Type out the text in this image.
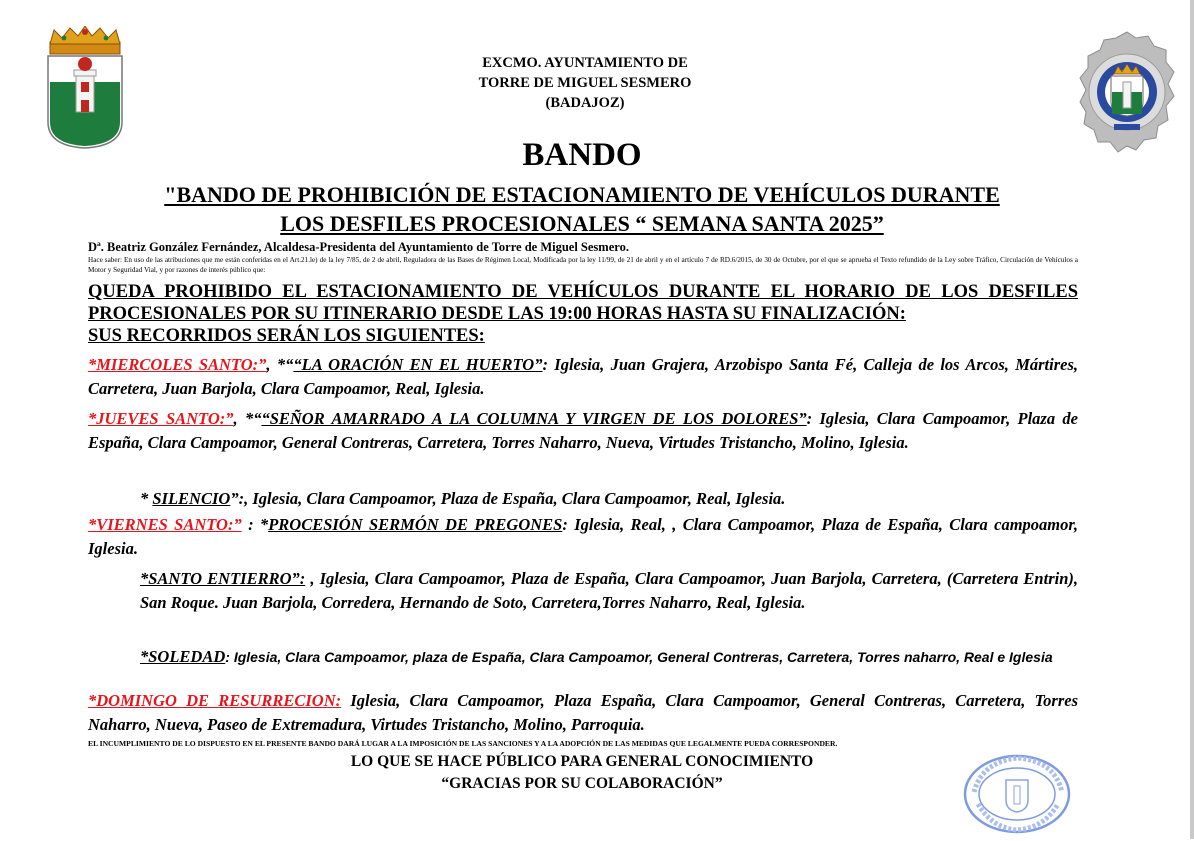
EXCMO. AYUNTAMIENTO DE
TORRE DE MIGUEL SESMERO
(BADAJOZ)
BANDO
"BANDO DE PROHIBICIÓN DE ESTACIONAMIENTO DE VEHÍCULOS DURANTE
LOS DESFILES PROCESIONALES “ SEMANA SANTA 2025”
Dª. Beatriz González Fernández, Alcaldesa-Presidenta del Ayuntamiento de Torre de Miguel Sesmero.
Hace saber: En uso de las atribuciones que me están conferidas en el Art.21.le) de la ley 7/85, de 2 de abril, Reguladora de las Bases de Régimen Local, Modificada por la ley 11/99, de 21 de abril y en el artículo 7 de RD.6/2015, de 30 de Octubre, por el que se aprueba el Texto refundido de la Ley sobre Tráfico, Circulación de Vehículos a Motor y Seguridad Vial, y por razones de interés público que:
QUEDA PROHIBIDO EL ESTACIONAMIENTO DE VEHÍCULOS DURANTE EL HORARIO DE LOS DESFILES PROCESIONALES POR SU ITINERARIO DESDE LAS 19:00 HORAS HASTA SU FINALIZACIÓN:
SUS RECORRIDOS SERÁN LOS SIGUIENTES:
*MIERCOLES SANTO:”, *““LA ORACIÓN EN EL HUERTO”: Iglesia, Juan Grajera, Arzobispo Santa Fé, Calleja de los Arcos, Mártires, Carretera, Juan Barjola, Clara Campoamor, Real, Iglesia.
*JUEVES SANTO:”, *““SEÑOR AMARRADO A LA COLUMNA Y VIRGEN DE LOS DOLORES”: Iglesia, Clara Campoamor, Plaza de España, Clara Campoamor, General Contreras, Carretera, Torres Naharro, Nueva, Virtudes Tristancho, Molino, Iglesia.
* SILENCIO”:, Iglesia, Clara Campoamor, Plaza de España, Clara Campoamor, Real, Iglesia.
*VIERNES SANTO:” : *PROCESIÓN SERMÓN DE PREGONES: Iglesia, Real, , Clara Campoamor, Plaza de España, Clara campoamor, Iglesia.
*SANTO ENTIERRO”: , Iglesia, Clara Campoamor, Plaza de España, Clara Campoamor, Juan Barjola, Carretera, (Carretera Entrin), San Roque. Juan Barjola, Corredera, Hernando de Soto, Carretera,Torres Naharro, Real, Iglesia.
*SOLEDAD: Iglesia, Clara Campoamor, plaza de España, Clara Campoamor, General Contreras, Carretera, Torres naharro, Real e Iglesia
*DOMINGO DE RESURRECION: Iglesia, Clara Campoamor, Plaza España, Clara Campoamor, General Contreras, Carretera, Torres Naharro, Nueva, Paseo de Extremadura, Virtudes Tristancho, Molino, Parroquia.
EL INCUMPLIMIENTO DE LO DISPUESTO EN EL PRESENTE BANDO DARÁ LUGAR A LA IMPOSICIÓN DE LAS SANCIONES Y A LA ADOPCIÓN DE LAS MEDIDAS QUE LEGALMENTE PUEDA CORRESPONDER.
LO QUE SE HACE PÚBLICO PARA GENERAL CONOCIMIENTO
“GRACIAS POR SU COLABORACIÓN”
